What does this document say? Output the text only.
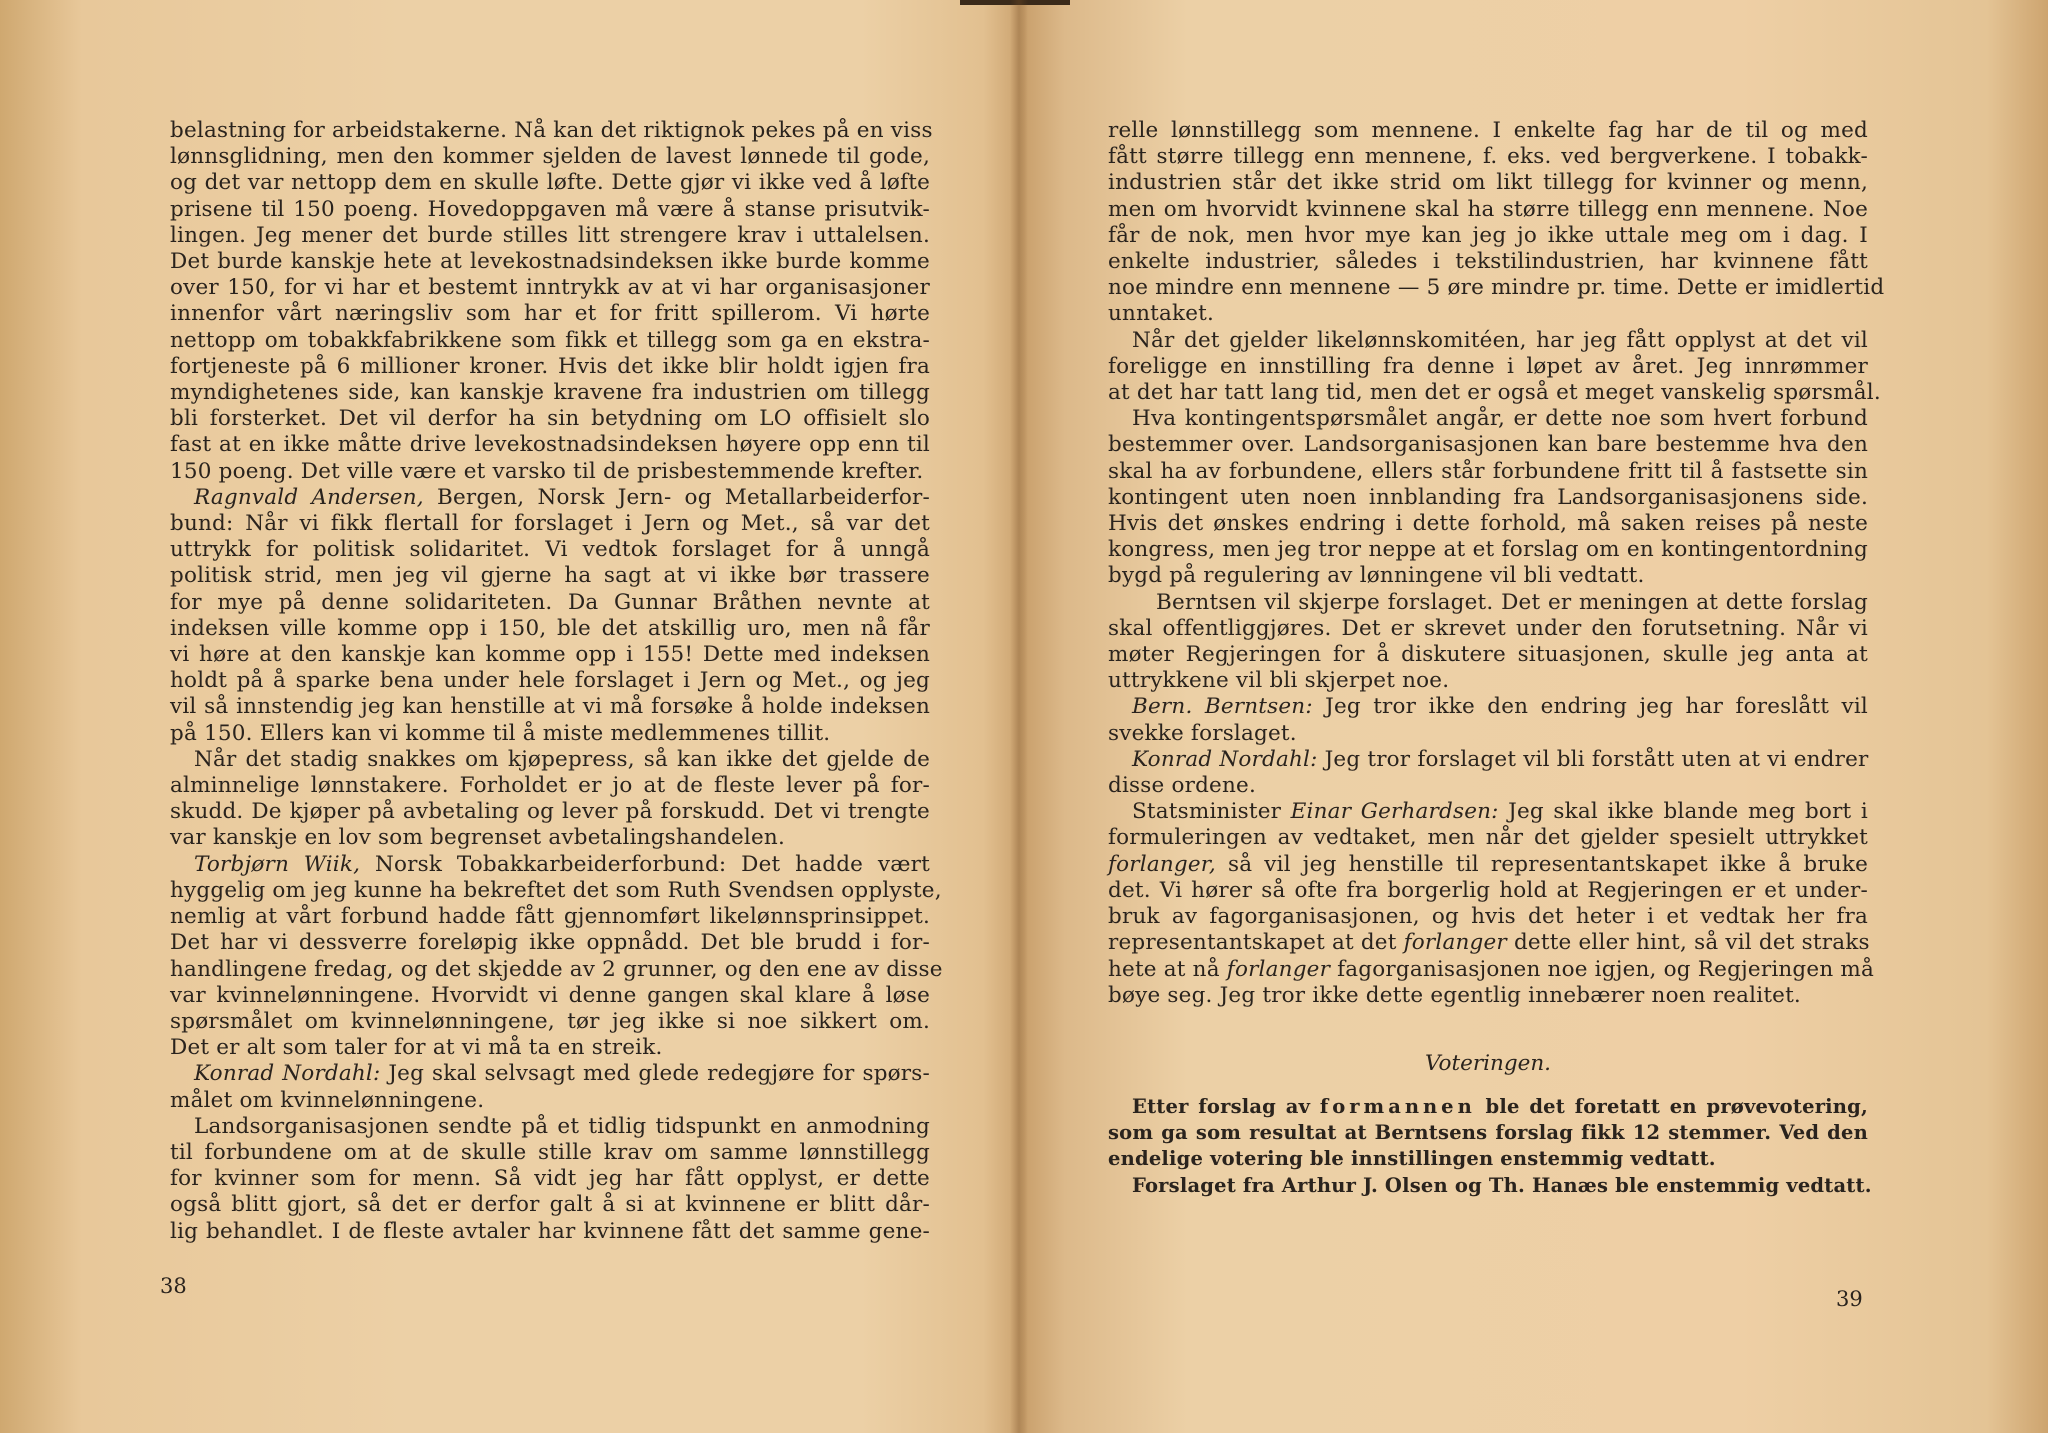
belastning for arbeidstakerne. Nå kan det riktignok pekes på en viss
lønnsglidning, men den kommer sjelden de lavest lønnede til gode,
og det var nettopp dem en skulle løfte. Dette gjør vi ikke ved å løfte
prisene til 150 poeng. Hovedoppgaven må være å stanse prisutvik-
lingen. Jeg mener det burde stilles litt strengere krav i uttalelsen.
Det burde kanskje hete at levekostnadsindeksen ikke burde komme
over 150, for vi har et bestemt inntrykk av at vi har organisasjoner
innenfor vårt næringsliv som har et for fritt spillerom. Vi hørte
nettopp om tobakkfabrikkene som fikk et tillegg som ga en ekstra-
fortjeneste på 6 millioner kroner. Hvis det ikke blir holdt igjen fra
myndighetenes side, kan kanskje kravene fra industrien om tillegg
bli forsterket. Det vil derfor ha sin betydning om LO offisielt slo
fast at en ikke måtte drive levekostnadsindeksen høyere opp enn til
150 poeng. Det ville være et varsko til de prisbestemmende krefter.
Ragnvald Andersen, Bergen, Norsk Jern- og Metallarbeiderfor-
bund: Når vi fikk flertall for forslaget i Jern og Met., så var det
uttrykk for politisk solidaritet. Vi vedtok forslaget for å unngå
politisk strid, men jeg vil gjerne ha sagt at vi ikke bør trassere
for mye på denne solidariteten. Da Gunnar Bråthen nevnte at
indeksen ville komme opp i 150, ble det atskillig uro, men nå får
vi høre at den kanskje kan komme opp i 155! Dette med indeksen
holdt på å sparke bena under hele forslaget i Jern og Met., og jeg
vil så innstendig jeg kan henstille at vi må forsøke å holde indeksen
på 150. Ellers kan vi komme til å miste medlemmenes tillit.
Når det stadig snakkes om kjøpepress, så kan ikke det gjelde de
alminnelige lønnstakere. Forholdet er jo at de fleste lever på for-
skudd. De kjøper på avbetaling og lever på forskudd. Det vi trengte
var kanskje en lov som begrenset avbetalingshandelen.
Torbjørn Wiik, Norsk Tobakkarbeiderforbund: Det hadde vært
hyggelig om jeg kunne ha bekreftet det som Ruth Svendsen opplyste,
nemlig at vårt forbund hadde fått gjennomført likelønnsprinsippet.
Det har vi dessverre foreløpig ikke oppnådd. Det ble brudd i for-
handlingene fredag, og det skjedde av 2 grunner, og den ene av disse
var kvinnelønningene. Hvorvidt vi denne gangen skal klare å løse
spørsmålet om kvinnelønningene, tør jeg ikke si noe sikkert om.
Det er alt som taler for at vi må ta en streik.
Konrad Nordahl: Jeg skal selvsagt med glede redegjøre for spørs-
målet om kvinnelønningene.
Landsorganisasjonen sendte på et tidlig tidspunkt en anmodning
til forbundene om at de skulle stille krav om samme lønnstillegg
for kvinner som for menn. Så vidt jeg har fått opplyst, er dette
også blitt gjort, så det er derfor galt å si at kvinnene er blitt dår-
lig behandlet. I de fleste avtaler har kvinnene fått det samme gene-
38
relle lønnstillegg som mennene. I enkelte fag har de til og med
fått større tillegg enn mennene, f. eks. ved bergverkene. I tobakk-
industrien står det ikke strid om likt tillegg for kvinner og menn,
men om hvorvidt kvinnene skal ha større tillegg enn mennene. Noe
får de nok, men hvor mye kan jeg jo ikke uttale meg om i dag. I
enkelte industrier, således i tekstilindustrien, har kvinnene fått
noe mindre enn mennene — 5 øre mindre pr. time. Dette er imidlertid
unntaket.
Når det gjelder likelønnskomitéen, har jeg fått opplyst at det vil
foreligge en innstilling fra denne i løpet av året. Jeg innrømmer
at det har tatt lang tid, men det er også et meget vanskelig spørsmål.
Hva kontingentspørsmålet angår, er dette noe som hvert forbund
bestemmer over. Landsorganisasjonen kan bare bestemme hva den
skal ha av forbundene, ellers står forbundene fritt til å fastsette sin
kontingent uten noen innblanding fra Landsorganisasjonens side.
Hvis det ønskes endring i dette forhold, må saken reises på neste
kongress, men jeg tror neppe at et forslag om en kontingentordning
bygd på regulering av lønningene vil bli vedtatt.
Berntsen vil skjerpe forslaget. Det er meningen at dette forslag
skal offentliggjøres. Det er skrevet under den forutsetning. Når vi
møter Regjeringen for å diskutere situasjonen, skulle jeg anta at
uttrykkene vil bli skjerpet noe.
Bern. Berntsen: Jeg tror ikke den endring jeg har foreslått vil
svekke forslaget.
Konrad Nordahl: Jeg tror forslaget vil bli forstått uten at vi endrer
disse ordene.
Statsminister Einar Gerhardsen: Jeg skal ikke blande meg bort i
formuleringen av vedtaket, men når det gjelder spesielt uttrykket
forlanger, så vil jeg henstille til representantskapet ikke å bruke
det. Vi hører så ofte fra borgerlig hold at Regjeringen er et under-
bruk av fagorganisasjonen, og hvis det heter i et vedtak her fra
representantskapet at det forlanger dette eller hint, så vil det straks
hete at nå forlanger fagorganisasjonen noe igjen, og Regjeringen må
bøye seg. Jeg tror ikke dette egentlig innebærer noen realitet.
Voteringen.
Etter forslag av formannen ble det foretatt en prøvevotering,
som ga som resultat at Berntsens forslag fikk 12 stemmer. Ved den
endelige votering ble innstillingen enstemmig vedtatt.
Forslaget fra Arthur J. Olsen og Th. Hanæs ble enstemmig vedtatt.
39
